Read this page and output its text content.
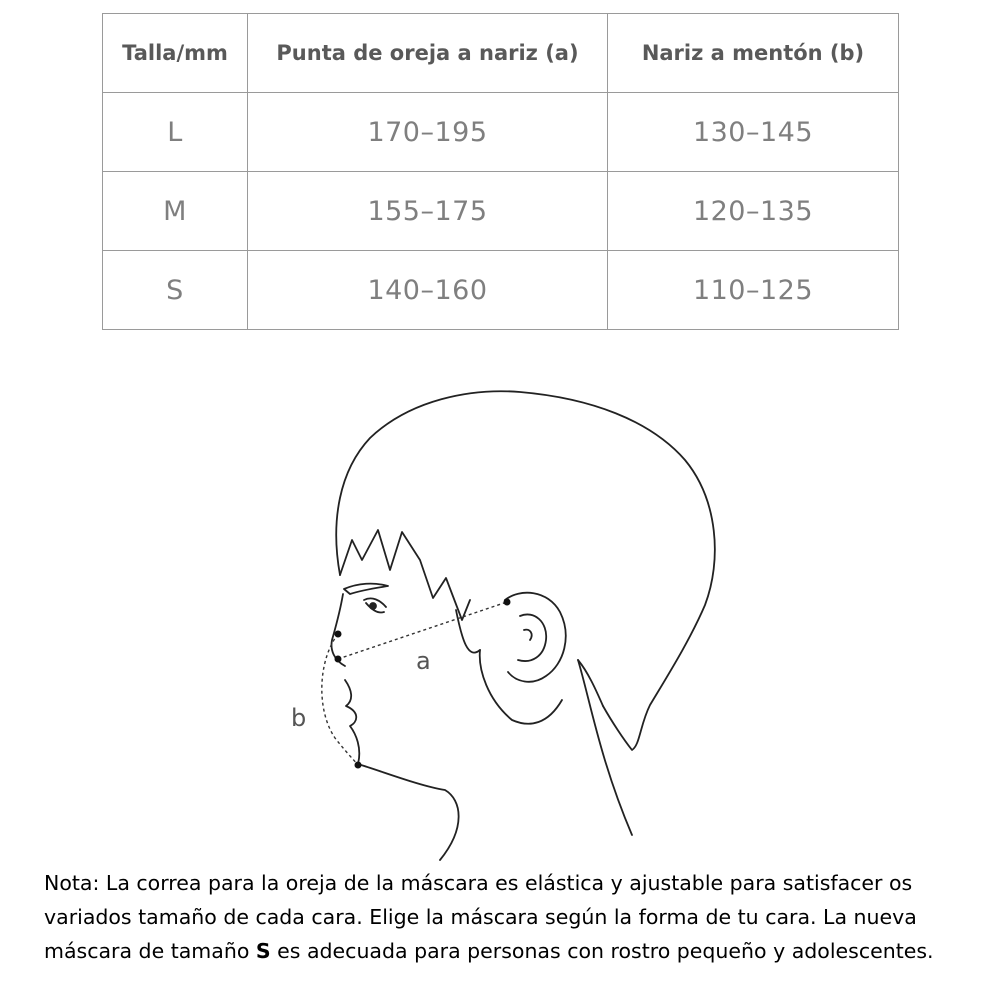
Talla/mm	Punta de oreja a nariz (a)	Nariz a mentón (b)
L	170–195	130–145
M	155–175	120–135
S	140–160	110–125
a
b
Nota: La correa para la oreja de la máscara es elástica y ajustable para satisfacer os variados tamaño de cada cara. Elige la máscara según la forma de tu cara. La nueva máscara de tamaño S es adecuada para personas con rostro pequeño y adolescentes.
